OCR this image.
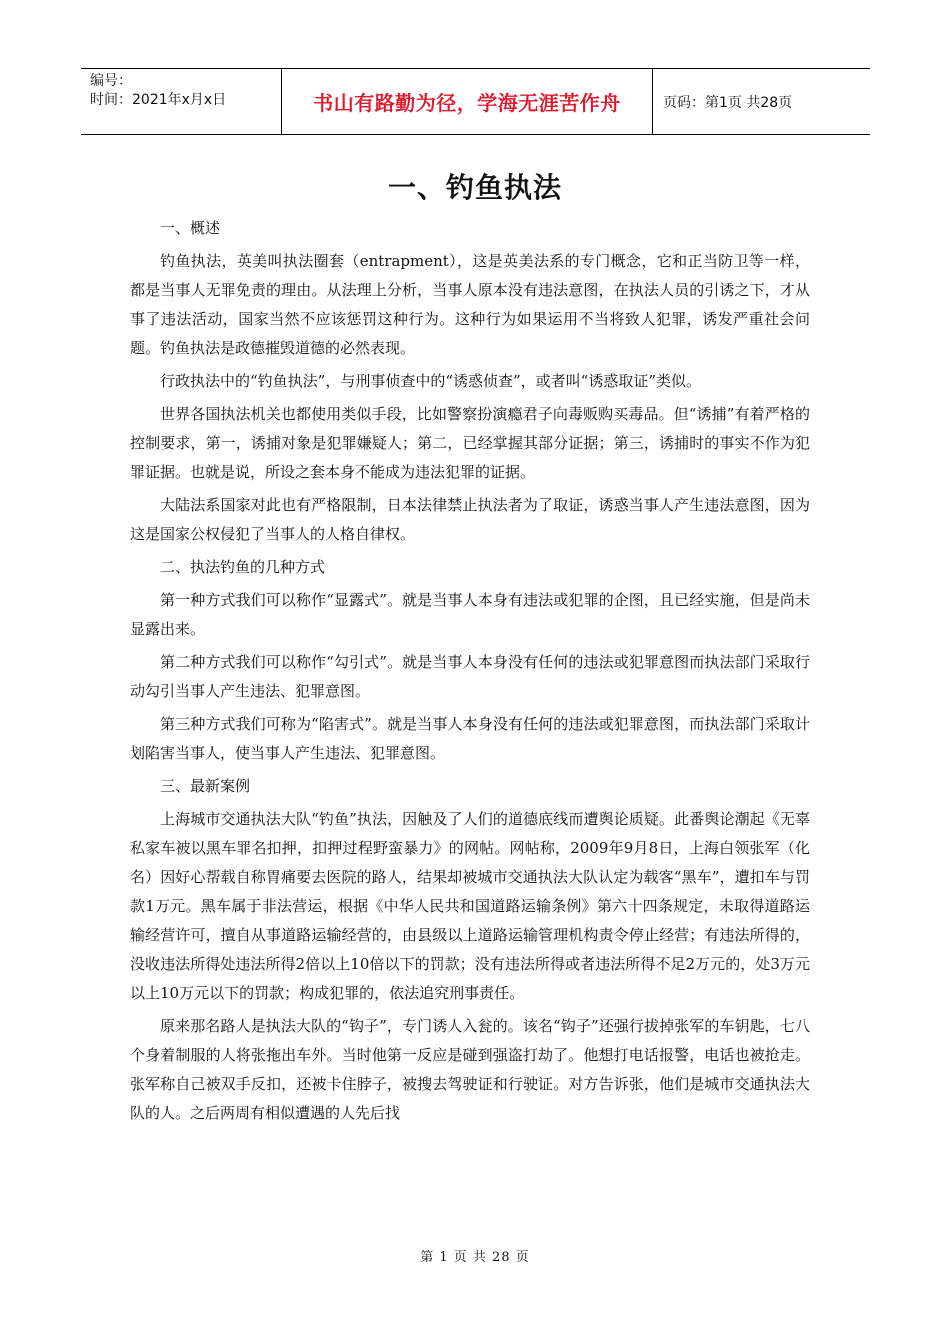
编号：
时间：2021年x月x日	书山有路勤为径，学海无涯苦作舟	页码：第1页 共28页
一、钓鱼执法

一、概述

钓鱼执法，英美叫执法圈套（entrapment），这是英美法系的专门概念，它和正当防卫等一样，都是当事人无罪免责的理由。从法理上分析，当事人原本没有违法意图，在执法人员的引诱之下，才从事了违法活动，国家当然不应该惩罚这种行为。这种行为如果运用不当将致人犯罪，诱发严重社会问题。钓鱼执法是政德摧毁道德的必然表现。

行政执法中的“钓鱼执法”，与刑事侦查中的“诱惑侦查”，或者叫“诱惑取证”类似。

世界各国执法机关也都使用类似手段，比如警察扮演瘾君子向毒贩购买毒品。但“诱捕”有着严格的控制要求，第一，诱捕对象是犯罪嫌疑人；第二，已经掌握其部分证据；第三，诱捕时的事实不作为犯罪证据。也就是说，所设之套本身不能成为违法犯罪的证据。

大陆法系国家对此也有严格限制，日本法律禁止执法者为了取证，诱惑当事人产生违法意图，因为这是国家公权侵犯了当事人的人格自律权。

二、执法钓鱼的几种方式

第一种方式我们可以称作“显露式”。就是当事人本身有违法或犯罪的企图，且已经实施，但是尚未显露出来。

第二种方式我们可以称作“勾引式”。就是当事人本身没有任何的违法或犯罪意图而执法部门采取行动勾引当事人产生违法、犯罪意图。

第三种方式我们可称为“陷害式”。就是当事人本身没有任何的违法或犯罪意图，而执法部门采取计划陷害当事人，使当事人产生违法、犯罪意图。

三、最新案例

上海城市交通执法大队“钓鱼”执法，因触及了人们的道德底线而遭舆论质疑。此番舆论潮起《无辜私家车被以黑车罪名扣押，扣押过程野蛮暴力》的网帖。网帖称，2009年9月8日，上海白领张军（化名）因好心帮载自称胃痛要去医院的路人，结果却被城市交通执法大队认定为载客“黑车”，遭扣车与罚款1万元。黑车属于非法营运，根据《中华人民共和国道路运输条例》第六十四条规定，未取得道路运输经营许可，擅自从事道路运输经营的，由县级以上道路运输管理机构责令停止经营；有违法所得的，没收违法所得处违法所得2倍以上10倍以下的罚款；没有违法所得或者违法所得不足2万元的，处3万元以上10万元以下的罚款；构成犯罪的，依法追究刑事责任。

原来那名路人是执法大队的“钩子”，专门诱人入瓮的。该名“钩子”还强行拔掉张军的车钥匙，七八个身着制服的人将张拖出车外。当时他第一反应是碰到强盗打劫了。他想打电话报警，电话也被抢走。张军称自己被双手反扣，还被卡住脖子，被搜去驾驶证和行驶证。对方告诉张，他们是城市交通执法大队的人。之后两周有相似遭遇的人先后找

第 1 页 共 28 页
